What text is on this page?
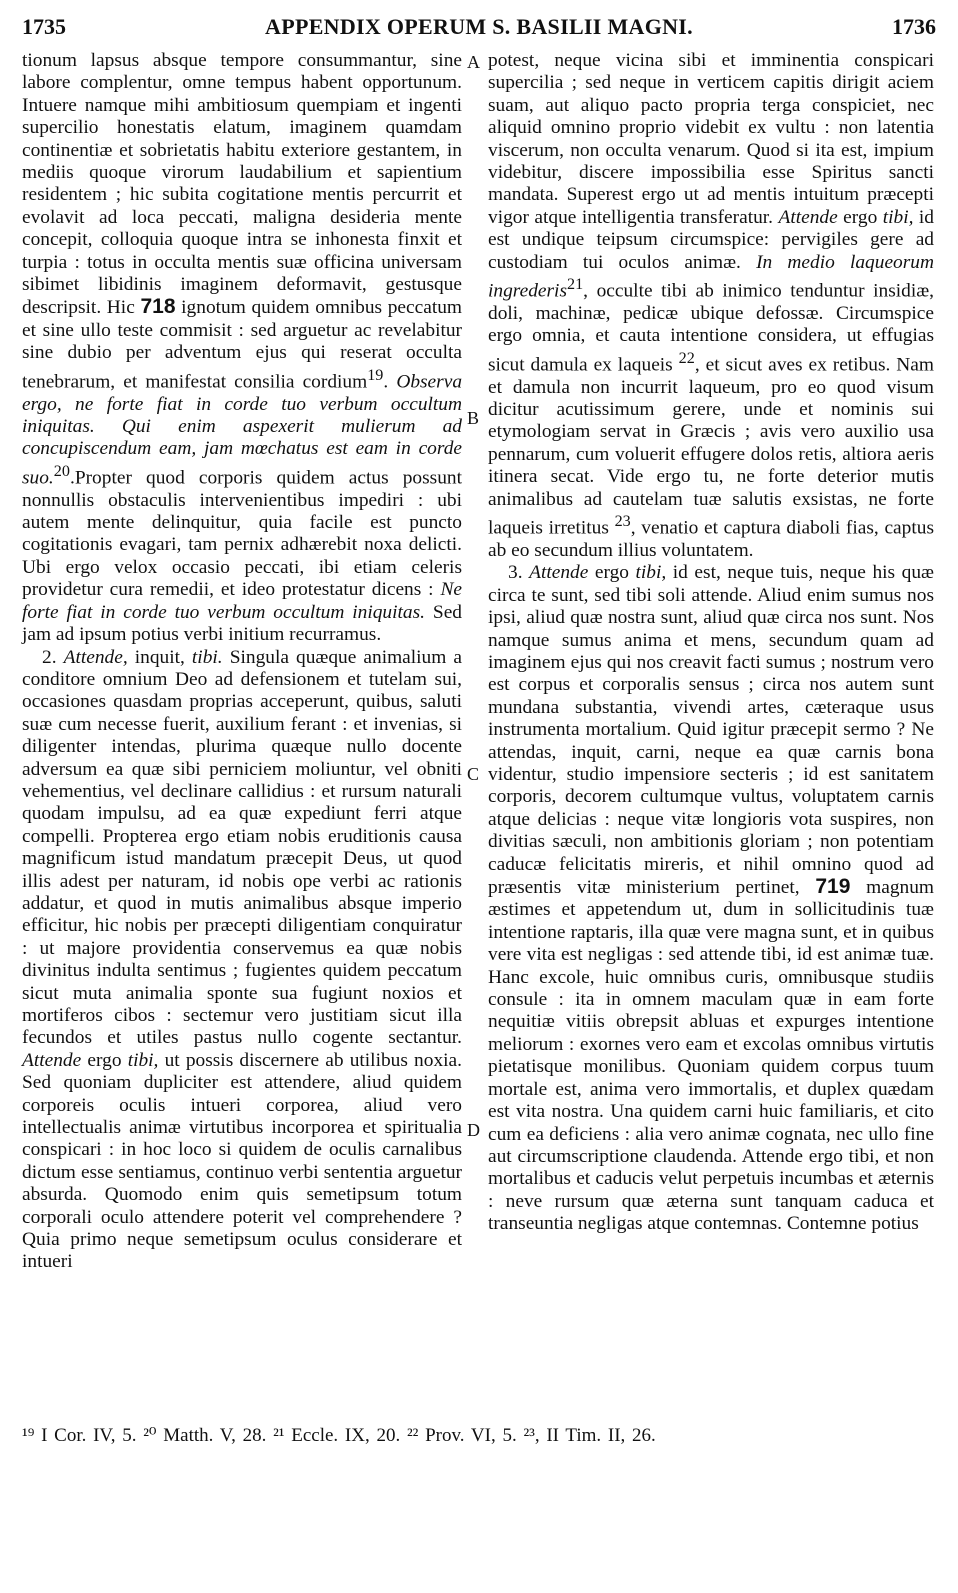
1735	APPENDIX OPERUM S. BASILII MAGNI.	1736
A
B
C
D

tionum lapsus absque tempore consummantur, sine labore complentur, omne tempus habent opportunum. Intuere namque mihi ambitiosum quempiam et ingenti supercilio honestatis elatum, imaginem quamdam continentiæ et sobrietatis habitu exteriore gestantem, in mediis quoque virorum laudabilium et sapientium residentem ; hic subita cogitatione mentis percurrit et evolavit ad loca peccati, maligna desideria mente concepit, colloquia quoque intra se inhonesta finxit et turpia : totus in occulta mentis suæ officina universam sibimet libidinis imaginem deformavit, gestusque descripsit. Hic 718 ignotum quidem omnibus peccatum et sine ullo teste commisit : sed arguetur ac revelabitur sine dubio per adventum ejus qui reserat occulta tenebrarum, et manifestat consilia cordium$^{19}$. Observa ergo, ne forte fiat in corde tuo verbum occultum iniquitas. Qui enim aspexerit mulierum ad concupiscendum eam, jam mœchatus est eam in corde suo.$^{20}$.Propter quod corporis quidem actus possunt nonnullis obstaculis intervenientibus impediri : ubi autem mente delinquitur, quia facile est puncto cogitationis evagari, tam pernix adhærebit noxa delicti. Ubi ergo velox occasio peccati, ibi etiam celeris providetur cura remedii, et ideo protestatur dicens : Ne forte fiat in corde tuo verbum occultum iniquitas. Sed jam ad ipsum potius verbi initium recurramus.

2. Attende, inquit, tibi. Singula quæque animalium a conditore omnium Deo ad defensionem et tutelam sui, occasiones quasdam proprias acceperunt, quibus, saluti suæ cum necesse fuerit, auxilium ferant : et invenias, si diligenter intendas, plurima quæque nullo docente adversum ea quæ sibi perniciem moliuntur, vel obniti vehementius, vel declinare callidius : et rursum naturali quodam impulsu, ad ea quæ expediunt ferri atque compelli. Propterea ergo etiam nobis eruditionis causa magnificum istud mandatum præcepit Deus, ut quod illis adest per naturam, id nobis ope verbi ac rationis addatur, et quod in mutis animalibus absque imperio efficitur, hic nobis per præcepti diligentiam conquiratur : ut majore providentia conservemus ea quæ nobis divinitus indulta sentimus ; fugientes quidem peccatum sicut muta animalia sponte sua fugiunt noxios et mortiferos cibos : sectemur vero justitiam sicut illa fecundos et utiles pastus nullo cogente sectantur. Attende ergo tibi, ut possis discernere ab utilibus noxia. Sed quoniam dupliciter est attendere, aliud quidem corporeis oculis intueri corporea, aliud vero intellectualis animæ virtutibus incorporea et spiritualia conspicari : in hoc loco si quidem de oculis carnalibus dictum esse sentiamus, continuo verbi sententia arguetur absurda. Quomodo enim quis semetipsum totum corporali oculo attendere poterit vel comprehendere ? Quia primo neque semetipsum oculus considerare et intueri

potest, neque vicina sibi et imminentia conspicari supercilia ; sed neque in verticem capitis dirigit aciem suam, aut aliquo pacto propria terga conspiciet, nec aliquid omnino proprio videbit ex vultu : non latentia viscerum, non occulta venarum. Quod si ita est, impium videbitur, discere impossibilia esse Spiritus sancti mandata. Superest ergo ut ad mentis intuitum præcepti vigor atque intelligentia transferatur. Attende ergo tibi, id est undique teipsum circumspice: pervigiles gere ad custodiam tui oculos animæ. In medio laqueorum ingrederis$^{21}$, occulte tibi ab inimico tenduntur insidiæ, doli, machinæ, pedicæ ubique defossæ. Circumspice ergo omnia, et cauta intentione considera, ut effugias sicut damula ex laqueis $^{22}$, et sicut aves ex retibus. Nam et damula non incurrit laqueum, pro eo quod visum dicitur acutissimum gerere, unde et nominis sui etymologiam servat in Græcis ; avis vero auxilio usa pennarum, cum voluerit effugere dolos retis, altiora aeris itinera secat. Vide ergo tu, ne forte deterior mutis animalibus ad cautelam tuæ salutis exsistas, ne forte laqueis irretitus $^{23}$, venatio et captura diaboli fias, captus ab eo secundum illius voluntatem.

3. Attende ergo tibi, id est, neque tuis, neque his quæ circa te sunt, sed tibi soli attende. Aliud enim sumus nos ipsi, aliud quæ nostra sunt, aliud quæ circa nos sunt. Nos namque sumus anima et mens, secundum quam ad imaginem ejus qui nos creavit facti sumus ; nostrum vero est corpus et corporalis sensus ; circa nos autem sunt mundana substantia, vivendi artes, cæteraque usus instrumenta mortalium. Quid igitur præcepit sermo ? Ne attendas, inquit, carni, neque ea quæ carnis bona videntur, studio impensiore secteris ; id est sanitatem corporis, decorem cultumque vultus, voluptatem carnis atque delicias : neque vitæ longioris vota suspires, non divitias sæculi, non ambitionis gloriam ; non potentiam caducæ felicitatis mireris, et nihil omnino quod ad præsentis vitæ ministerium pertinet, 719 magnum æstimes et appetendum ut, dum in sollicitudinis tuæ intentione raptaris, illa quæ vere magna sunt, et in quibus vere vita est negligas : sed attende tibi, id est animæ tuæ. Hanc excole, huic omnibus curis, omnibusque studiis consule : ita in omnem maculam quæ in eam forte nequitiæ vitiis obrepsit abluas et expurges intentione meliorum : exornes vero eam et excolas omnibus virtutis pietatisque monilibus. Quoniam quidem corpus tuum mortale est, anima vero immortalis, et duplex quædam est vita nostra. Una quidem carni huic familiaris, et cito cum ea deficiens : alia vero animæ cognata, nec ullo fine aut circumscriptione claudenda. Attende ergo tibi, et non mortalibus et caducis velut perpetuis incumbas et æternis : neve rursum quæ æterna sunt tanquam caduca et transeuntia negligas atque contemnas. Contemne potius

¹⁹ I Cor. IV, 5. ²⁰ Matth. V, 28. ²¹ Eccle. IX, 20. ²² Prov. VI, 5. ²³, II Tim. II, 26.
